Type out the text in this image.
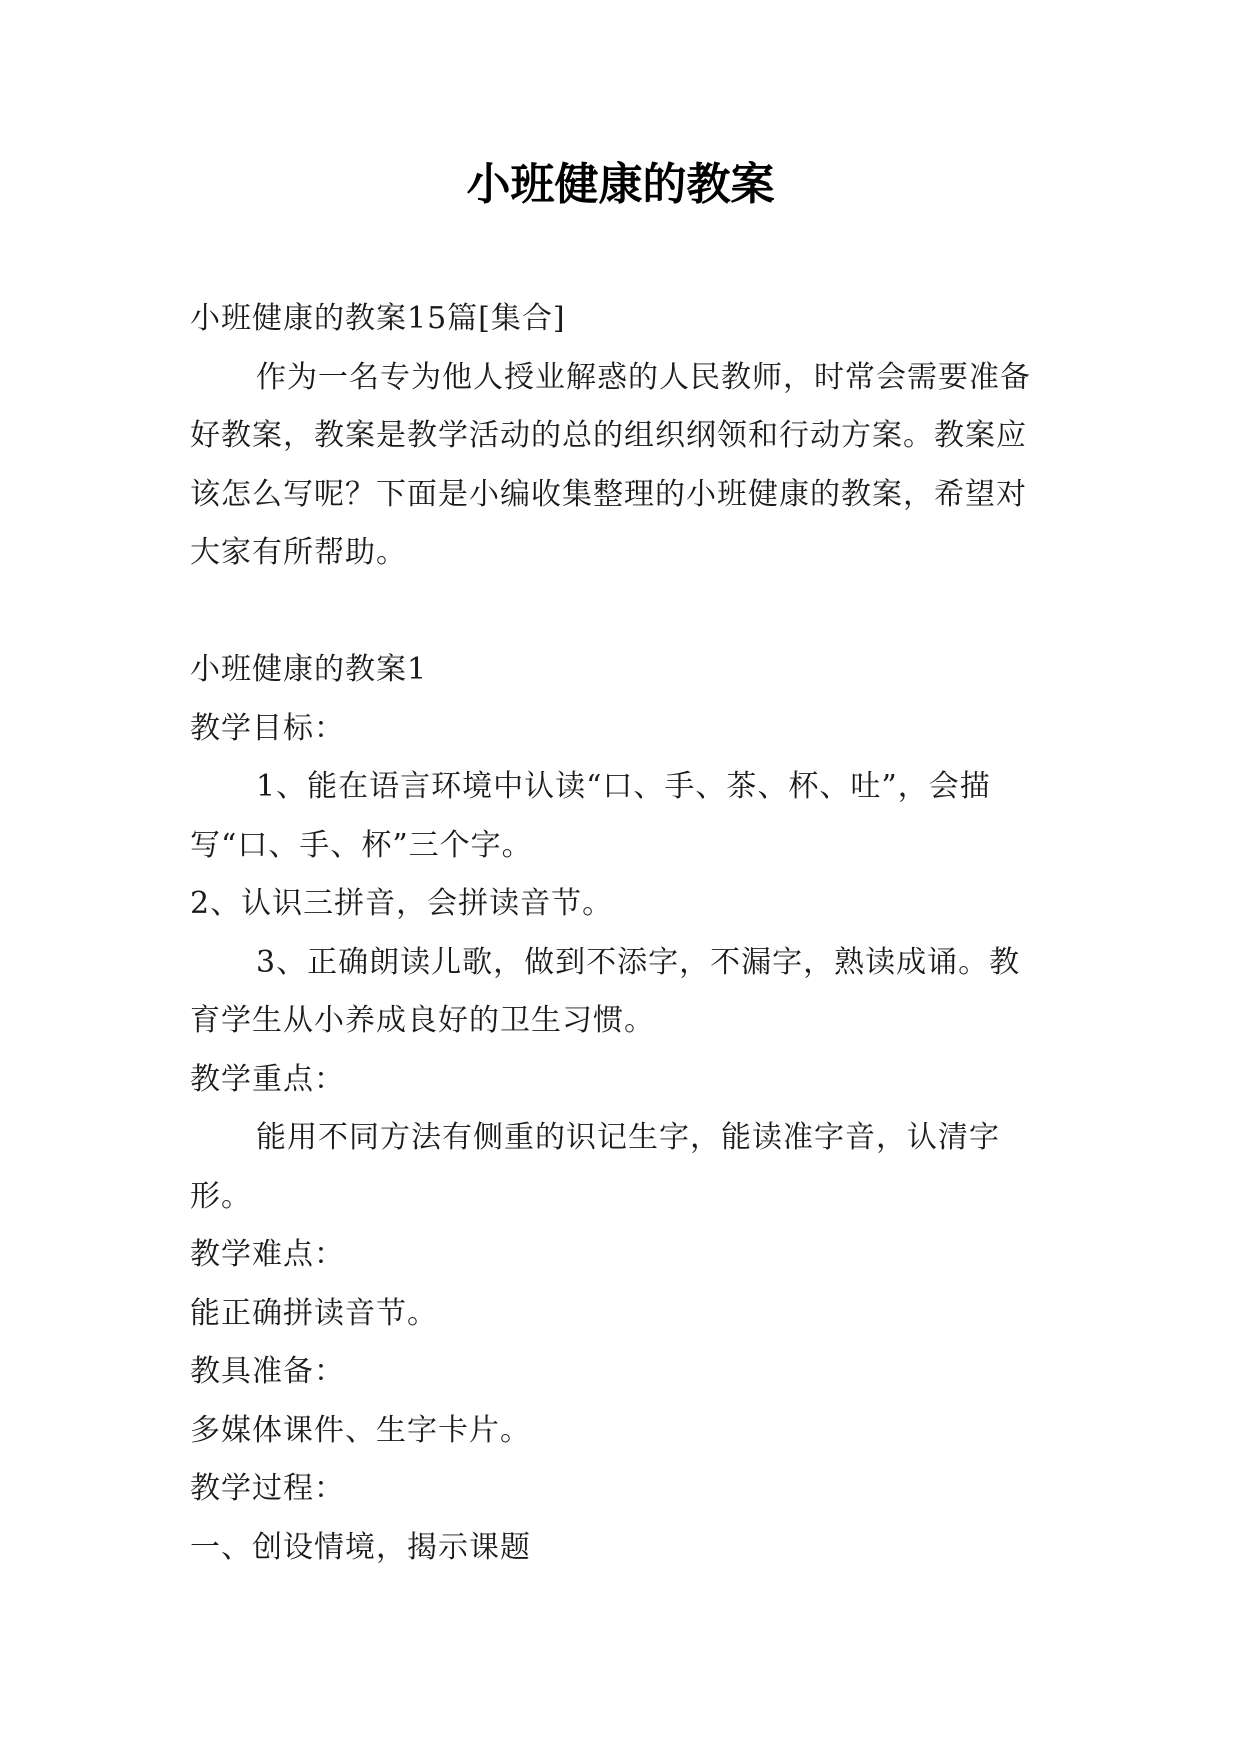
小班健康的教案

小班健康的教案15篇[集合]

作为一名专为他人授业解惑的人民教师，时常会需要准备好教案，教案是教学活动的总的组织纲领和行动方案。教案应该怎么写呢？下面是小编收集整理的小班健康的教案，希望对大家有所帮助。

小班健康的教案1

教学目标：

1、能在语言环境中认读“口、手、茶、杯、吐”，会描写“口、手、杯”三个字。

2、认识三拼音，会拼读音节。

3、正确朗读儿歌，做到不添字，不漏字，熟读成诵。教育学生从小养成良好的卫生习惯。

教学重点：

能用不同方法有侧重的识记生字，能读准字音，认清字形。

教学难点：

能正确拼读音节。

教具准备：

多媒体课件、生字卡片。

教学过程：

一、创设情境，揭示课题
